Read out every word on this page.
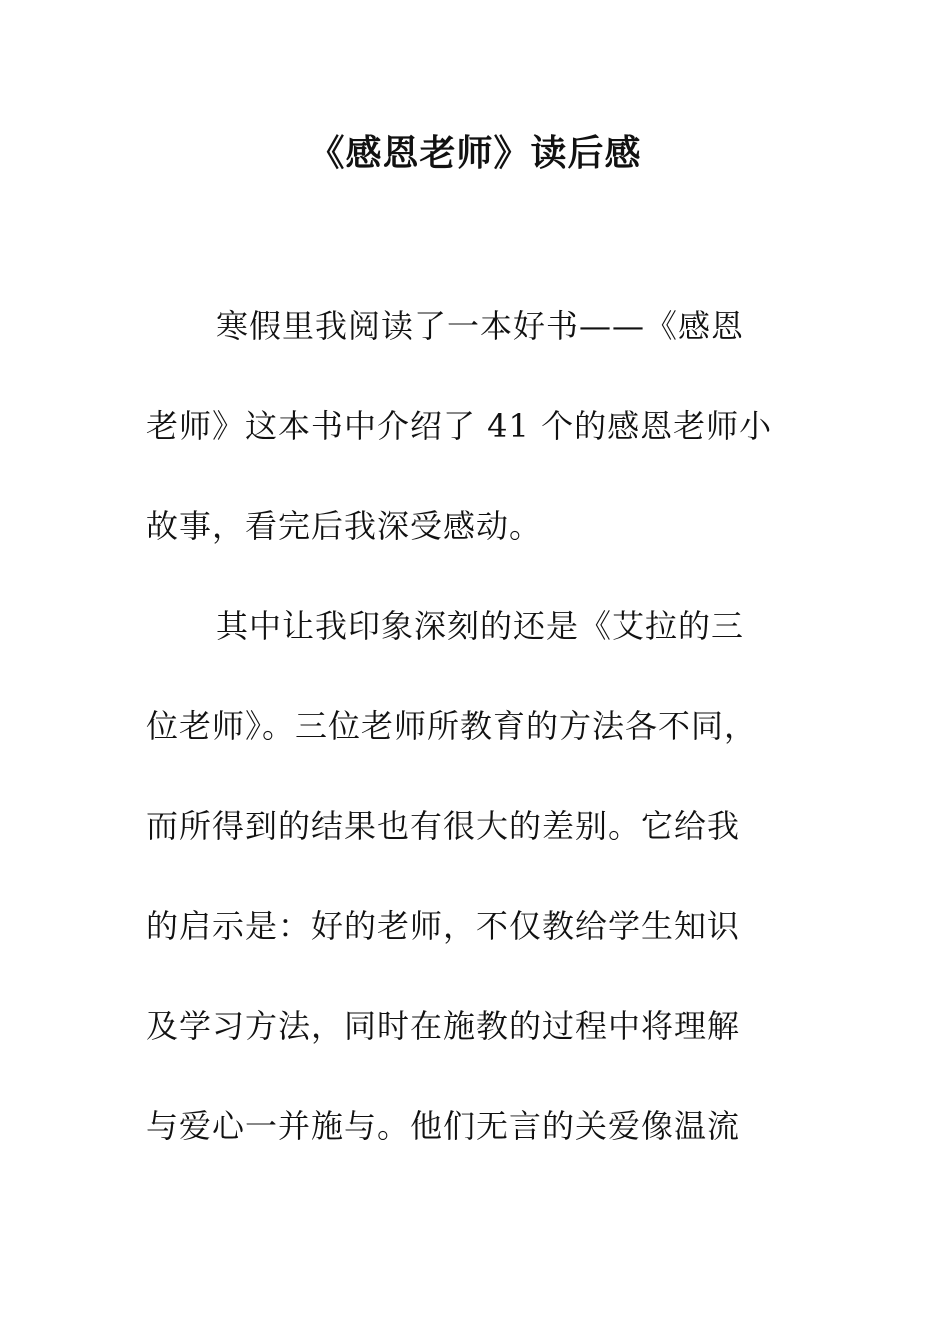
《感恩老师》读后感
寒假里我阅读了一本好书——《感恩
老师》这本书中介绍了 41 个的感恩老师小
故事，看完后我深受感动。
其中让我印象深刻的还是《艾拉的三
位老师》。三位老师所教育的方法各不同，
而所得到的结果也有很大的差别。它给我
的启示是：好的老师，不仅教给学生知识
及学习方法，同时在施教的过程中将理解
与爱心一并施与。他们无言的关爱像温流
